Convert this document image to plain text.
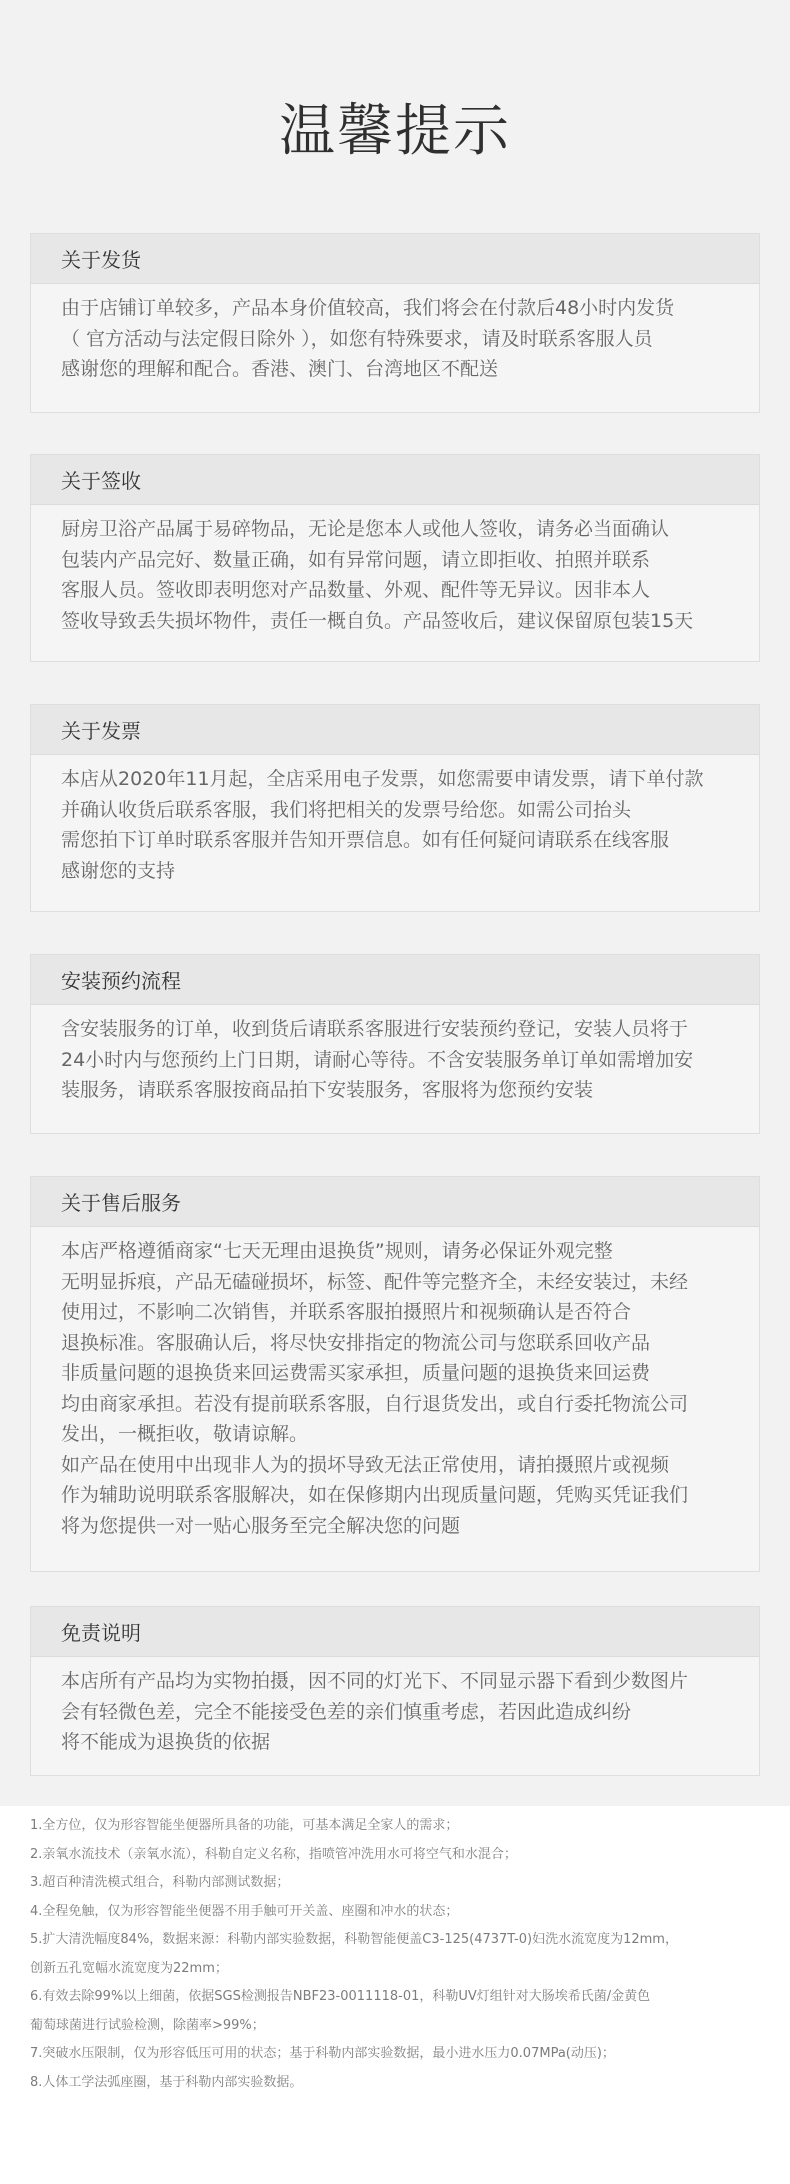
温馨提示
关于发货
由于店铺订单较多，产品本身价值较高，我们将会在付款后48小时内发货
（ 官方活动与法定假日除外 ），如您有特殊要求，请及时联系客服人员
感谢您的理解和配合。香港、澳门、台湾地区不配送
关于签收
厨房卫浴产品属于易碎物品，无论是您本人或他人签收，请务必当面确认
包装内产品完好、数量正确，如有异常问题，请立即拒收、拍照并联系
客服人员。签收即表明您对产品数量、外观、配件等无异议。因非本人
签收导致丢失损坏物件，责任一概自负。产品签收后，建议保留原包装15天
关于发票
本店从2020年11月起，全店采用电子发票，如您需要申请发票，请下单付款
并确认收货后联系客服，我们将把相关的发票号给您。如需公司抬头
需您拍下订单时联系客服并告知开票信息。如有任何疑问请联系在线客服
感谢您的支持
安装预约流程
含安装服务的订单，收到货后请联系客服进行安装预约登记，安装人员将于
24小时内与您预约上门日期，请耐心等待。不含安装服务单订单如需增加安
装服务，请联系客服按商品拍下安装服务，客服将为您预约安装
关于售后服务
本店严格遵循商家“七天无理由退换货”规则，请务必保证外观完整
无明显拆痕，产品无磕碰损坏，标签、配件等完整齐全，未经安装过，未经
使用过，不影响二次销售，并联系客服拍摄照片和视频确认是否符合
退换标准。客服确认后，将尽快安排指定的物流公司与您联系回收产品
非质量问题的退换货来回运费需买家承担，质量问题的退换货来回运费
均由商家承担。若没有提前联系客服，自行退货发出，或自行委托物流公司
发出，一概拒收，敬请谅解。
如产品在使用中出现非人为的损坏导致无法正常使用，请拍摄照片或视频
作为辅助说明联系客服解决，如在保修期内出现质量问题，凭购买凭证我们
将为您提供一对一贴心服务至完全解决您的问题
免责说明
本店所有产品均为实物拍摄，因不同的灯光下、不同显示器下看到少数图片
会有轻微色差，完全不能接受色差的亲们慎重考虑，若因此造成纠纷
将不能成为退换货的依据
1.全方位，仅为形容智能坐便器所具备的功能，可基本满足全家人的需求；
2.亲氧水流技术（亲氧水流），科勒自定义名称，指喷管冲洗用水可将空气和水混合；
3.超百种清洗模式组合，科勒内部测试数据；
4.全程免触，仅为形容智能坐便器不用手触可开关盖、座圈和冲水的状态；
5.扩大清洗幅度84%，数据来源：科勒内部实验数据，科勒智能便盖C3-125(4737T-0)妇洗水流宽度为12mm，
创新五孔宽幅水流宽度为22mm；
6.有效去除99%以上细菌，依据SGS检测报告NBF23-0011118-01，科勒UV灯组针对大肠埃希氏菌/金黄色
葡萄球菌进行试验检测，除菌率>99%；
7.突破水压限制，仅为形容低压可用的状态；基于科勒内部实验数据，最小进水压力0.07MPa(动压)；
8.人体工学法弧座圈，基于科勒内部实验数据。
